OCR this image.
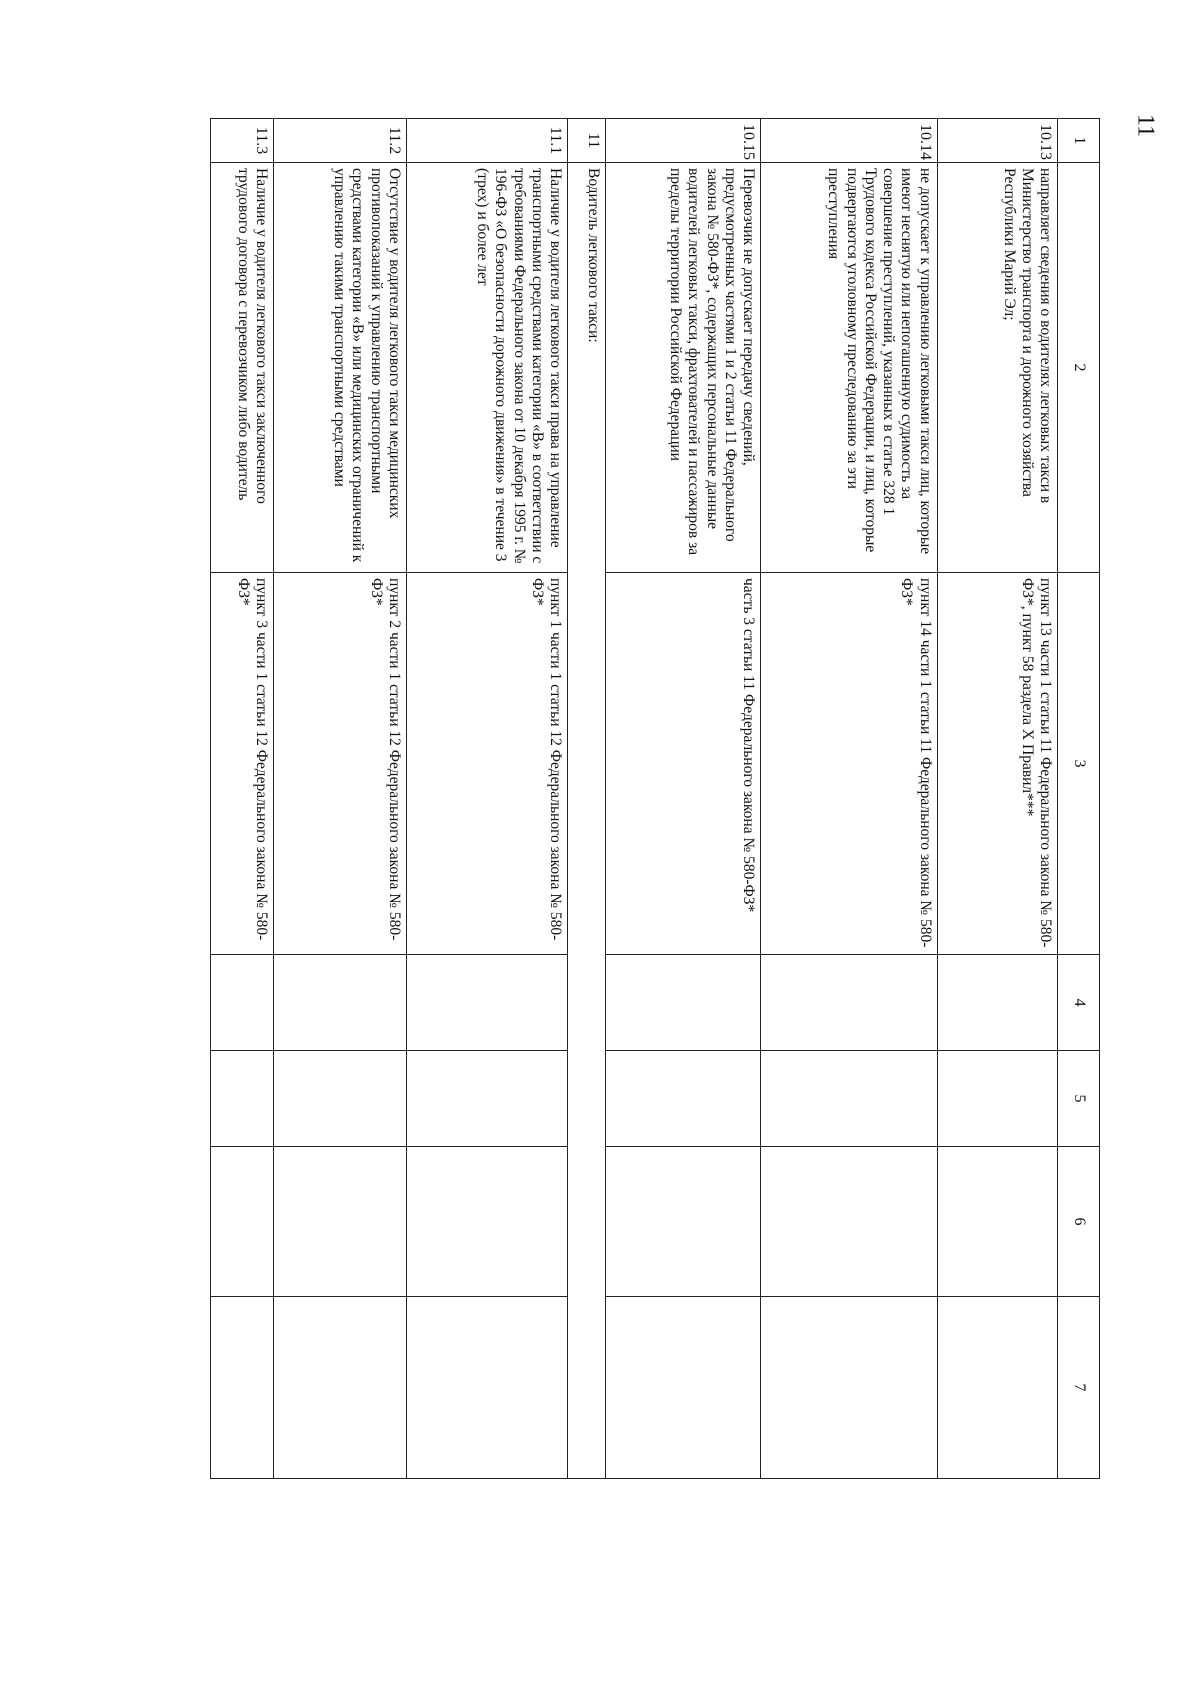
11
1	2	3	4	5	6	7
10.13	направляет сведения о водителях легковых такси в Министерство транспорта и дорожного хозяйства Республики Марий Эл;	пункт 13 части 1 статьи 11 Федерального закона № 580-ФЗ*, пункт 58 раздела X Правил***				
10.14	не допускает к управлению легковыми такси лиц, которые имеют неснятую или непогашенную судимость за совершение преступлений, указанных в статье 328 1 Трудового кодекса Российской Федерации, и лиц, которые подвергаются уголовному преследованию за эти преступления	пункт 14 части 1 статьи 11 Федерального закона № 580-ФЗ*				
10.15	Перевозчик не допускает передачу сведений, предусмотренных частями 1 и 2 статьи 11 Федерального закона № 580-ФЗ*, содержащих персональные данные водителей легковых такси, фрахтователей и пассажиров за пределы территории Российской Федерации	часть 3 статьи 11 Федерального закона № 580-ФЗ*				
11	Водитель легкового такси:					
11.1	Наличие у водителя легкового такси права на управление транспортными средствами категории «B» в соответствии с требованиями Федерального закона от 10 декабря 1995 г. № 196-ФЗ «О безопасности дорожного движения» в течение 3 (трех) и более лет	пункт 1 части 1 статьи 12 Федерального закона № 580-ФЗ*				
11.2	Отсутствие у водителя легкового такси медицинских противопоказаний к управлению транспортными средствами категории «B» или медицинских ограничений к управлению такими транспортными средствами	пункт 2 части 1 статьи 12 Федерального закона № 580-ФЗ*				
11.3	Наличие у водителя легкового такси заключенного трудового договора с перевозчиком либо водитель	пункт 3 части 1 статьи 12 Федерального закона № 580-ФЗ*				
